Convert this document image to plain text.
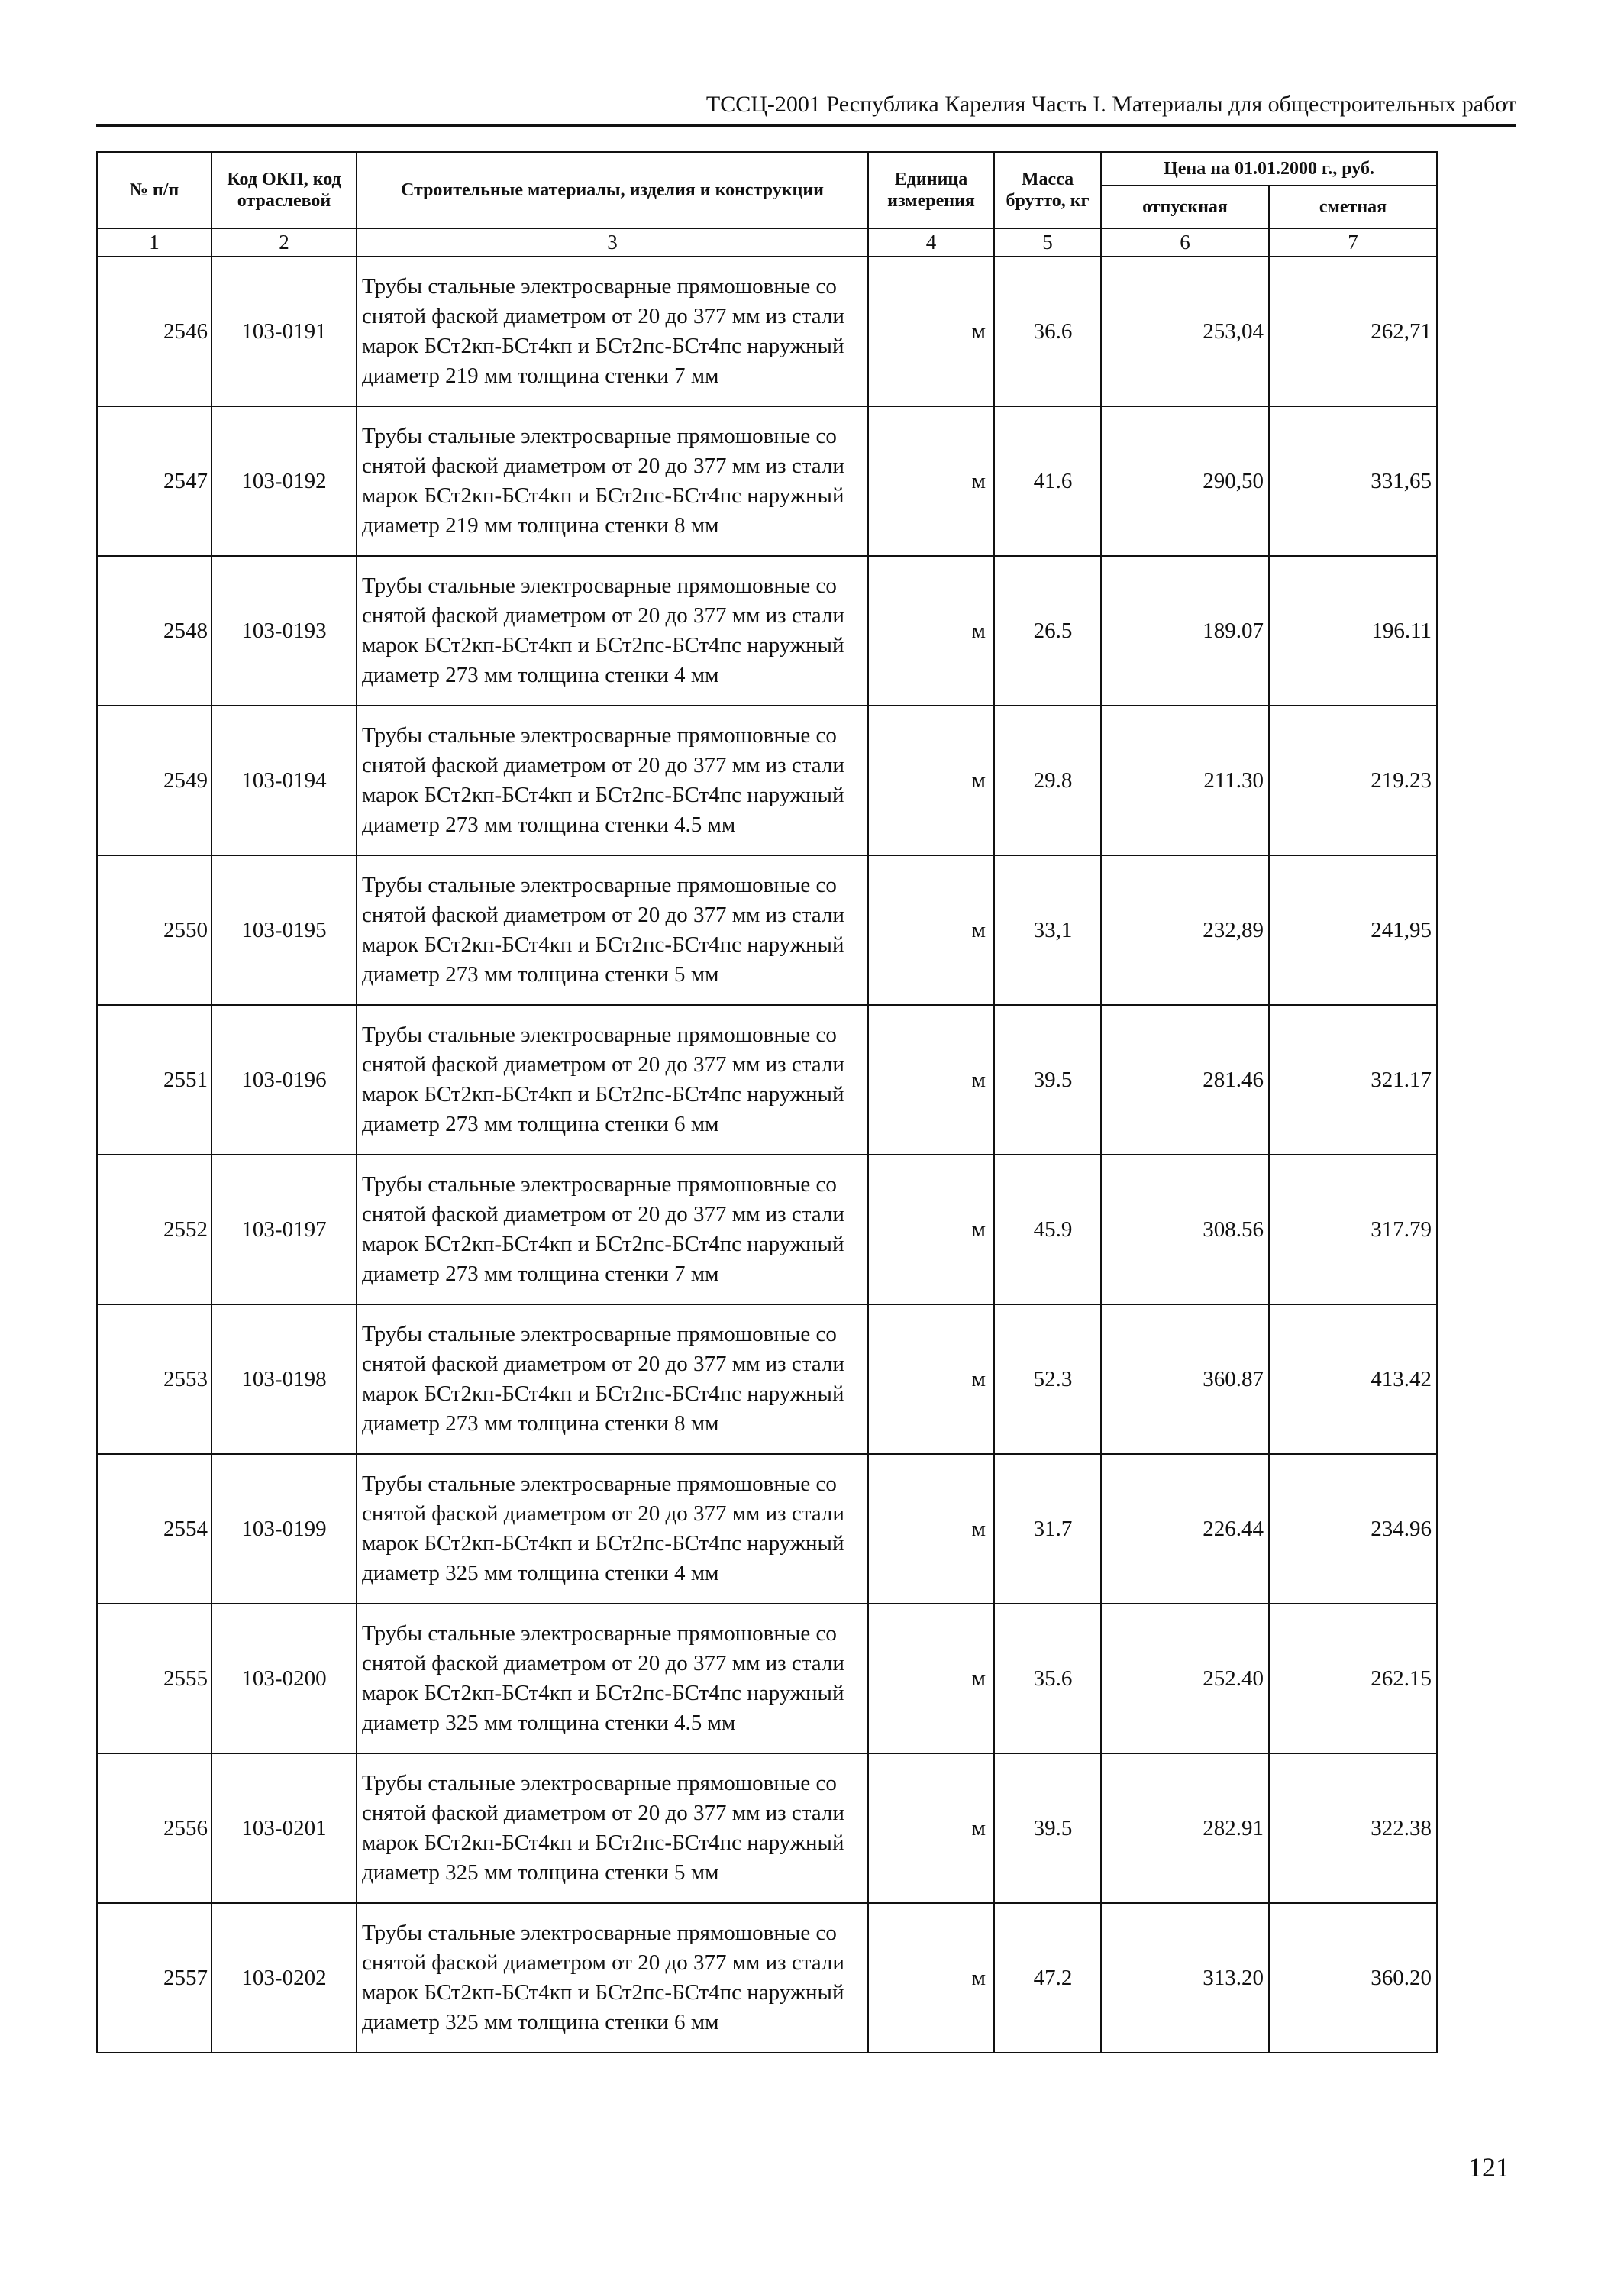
ТССЦ-2001 Республика Карелия Часть I. Материалы для общестроительных работ
№ п/п	Код ОКП, код отраслевой	Строительные материалы, изделия и конструкции	Единица измерения	Масса брутто, кг	Цена на 01.01.2000 г., руб.	
					отпускная	сметная
1	2	3	4	5	6	7
2546	103-0191	Трубы стальные электросварные прямошовные со снятой фаской диаметром от 20 до 377 мм из стали марок БСт2кп-БСт4кп и БСт2пс-БСт4пс наружный диаметр 219 мм толщина стенки 7 мм	м	36.6	253,04	262,71
2547	103-0192	Трубы стальные электросварные прямошовные со снятой фаской диаметром от 20 до 377 мм из стали марок БСт2кп-БСт4кп и БСт2пс-БСт4пс наружный диаметр 219 мм толщина стенки 8 мм	м	41.6	290,50	331,65
2548	103-0193	Трубы стальные электросварные прямошовные со снятой фаской диаметром от 20 до 377 мм из стали марок БСт2кп-БСт4кп и БСт2пс-БСт4пс наружный диаметр 273 мм толщина стенки 4 мм	м	26.5	189.07	196.11
2549	103-0194	Трубы стальные электросварные прямошовные со снятой фаской диаметром от 20 до 377 мм из стали марок БСт2кп-БСт4кп и БСт2пс-БСт4пс наружный диаметр 273 мм толщина стенки 4.5 мм	м	29.8	211.30	219.23
2550	103-0195	Трубы стальные электросварные прямошовные со снятой фаской диаметром от 20 до 377 мм из стали марок БСт2кп-БСт4кп и БСт2пс-БСт4пс наружный диаметр 273 мм толщина стенки 5 мм	м	33,1	232,89	241,95
2551	103-0196	Трубы стальные электросварные прямошовные со снятой фаской диаметром от 20 до 377 мм из стали марок БСт2кп-БСт4кп и БСт2пс-БСт4пс наружный диаметр 273 мм толщина стенки 6 мм	м	39.5	281.46	321.17
2552	103-0197	Трубы стальные электросварные прямошовные со снятой фаской диаметром от 20 до 377 мм из стали марок БСт2кп-БСт4кп и БСт2пс-БСт4пс наружный диаметр 273 мм толщина стенки 7 мм	м	45.9	308.56	317.79
2553	103-0198	Трубы стальные электросварные прямошовные со снятой фаской диаметром от 20 до 377 мм из стали марок БСт2кп-БСт4кп и БСт2пс-БСт4пс наружный диаметр 273 мм толщина стенки 8 мм	м	52.3	360.87	413.42
2554	103-0199	Трубы стальные электросварные прямошовные со снятой фаской диаметром от 20 до 377 мм из стали марок БСт2кп-БСт4кп и БСт2пс-БСт4пс наружный диаметр 325 мм толщина стенки 4 мм	м	31.7	226.44	234.96
2555	103-0200	Трубы стальные электросварные прямошовные со снятой фаской диаметром от 20 до 377 мм из стали марок БСт2кп-БСт4кп и БСт2пс-БСт4пс наружный диаметр 325 мм толщина стенки 4.5 мм	м	35.6	252.40	262.15
2556	103-0201	Трубы стальные электросварные прямошовные со снятой фаской диаметром от 20 до 377 мм из стали марок БСт2кп-БСт4кп и БСт2пс-БСт4пс наружный диаметр 325 мм толщина стенки 5 мм	м	39.5	282.91	322.38
2557	103-0202	Трубы стальные электросварные прямошовные со снятой фаской диаметром от 20 до 377 мм из стали марок БСт2кп-БСт4кп и БСт2пс-БСт4пс наружный диаметр 325 мм толщина стенки 6 мм	м	47.2	313.20	360.20
121
